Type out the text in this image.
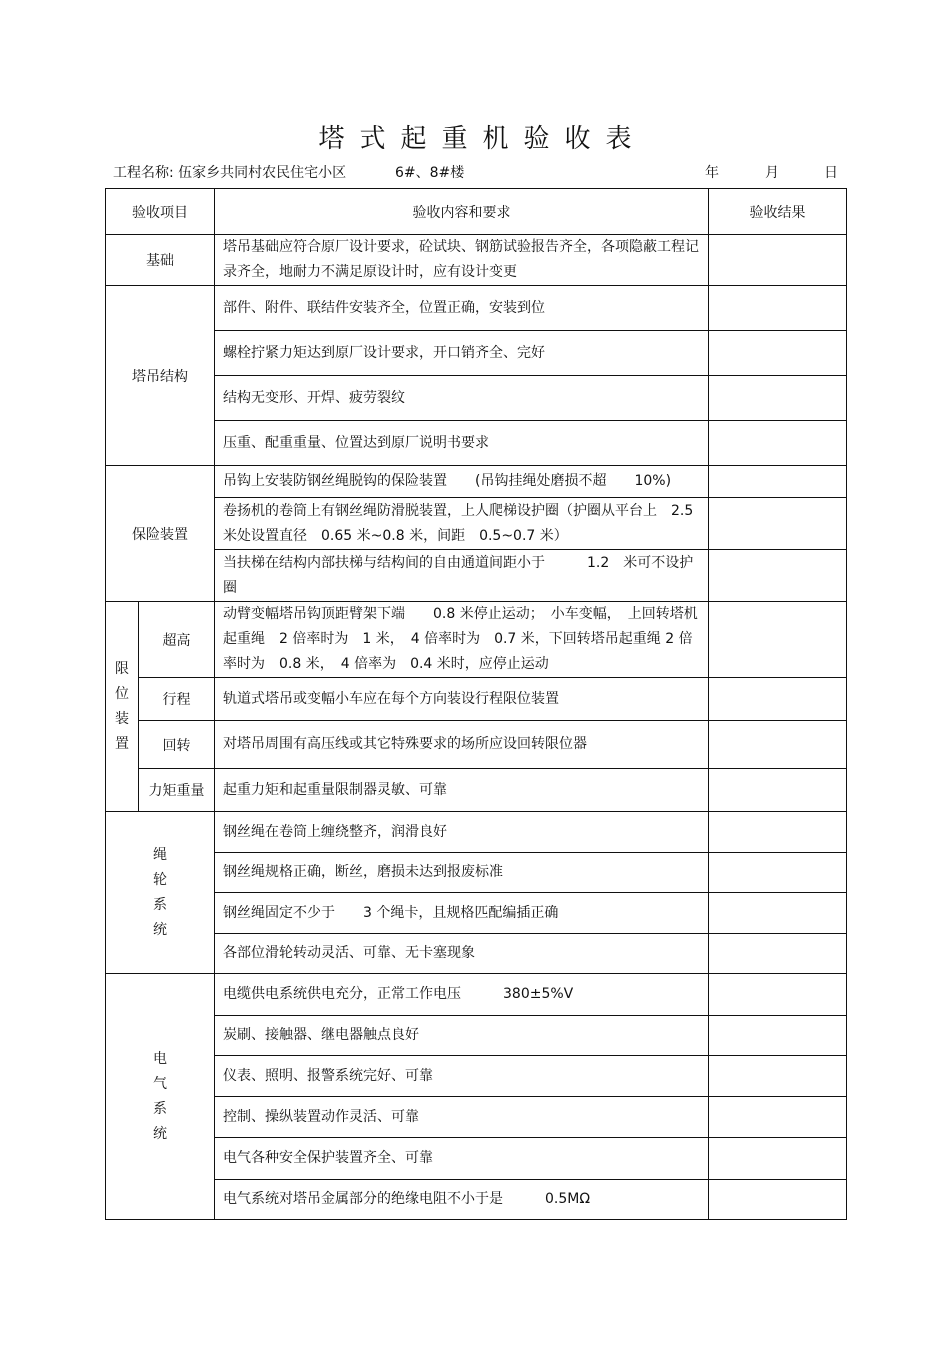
塔式起重机验收表
工程名称: 伍家乡共同村农民住宅小区	6#、8#楼	年	月	日
验收项目		验收内容和要求	验收结果
基础		塔吊基础应符合原厂设计要求，砼试块、钢筋试验报告齐全，各项隐蔽工程记录齐全，地耐力不满足原设计时，应有设计变更	
塔吊结构		部件、附件、联结件安装齐全，位置正确，安装到位	
		螺栓拧紧力矩达到原厂设计要求，开口销齐全、完好	
		结构无变形、开焊、疲劳裂纹	
		压重、配重重量、位置达到原厂说明书要求	
保险装置		吊钩上安装防钢丝绳脱钩的保险装置　　(吊钩挂绳处磨损不超　　10%)	
		卷扬机的卷筒上有钢丝绳防滑脱装置，上人爬梯设护圈（护圈从平台上　2.5 米处设置直径　0.65 米~0.8 米，间距　0.5~0.7 米）	
		当扶梯在结构内部扶梯与结构间的自由通道间距小于　　　1.2　米可不设护圈	
限位装置	超高	动臂变幅塔吊钩顶距臂架下端　　0.8 米停止运动；　小车变幅，　上回转塔机起重绳　2 倍率时为　1 米，　4 倍率时为　0.7 米，下回转塔吊起重绳 2 倍率时为　0.8 米，　4 倍率为　0.4 米时，应停止运动	
	行程	轨道式塔吊或变幅小车应在每个方向装设行程限位装置	
	回转	对塔吊周围有高压线或其它特殊要求的场所应设回转限位器	
	力矩重量	起重力矩和起重量限制器灵敏、可靠	
绳轮系统		钢丝绳在卷筒上缠绕整齐，润滑良好	
		钢丝绳规格正确，断丝，磨损未达到报废标准	
		钢丝绳固定不少于　　3 个绳卡，且规格匹配编插正确	
		各部位滑轮转动灵活、可靠、无卡塞现象	
电气系统		电缆供电系统供电充分，正常工作电压　　　380±5%V	
		炭刷、接触器、继电器触点良好	
		仪表、照明、报警系统完好、可靠	
		控制、操纵装置动作灵活、可靠	
		电气各种安全保护装置齐全、可靠	
		电气系统对塔吊金属部分的绝缘电阻不小于是　　　0.5MΩ	
